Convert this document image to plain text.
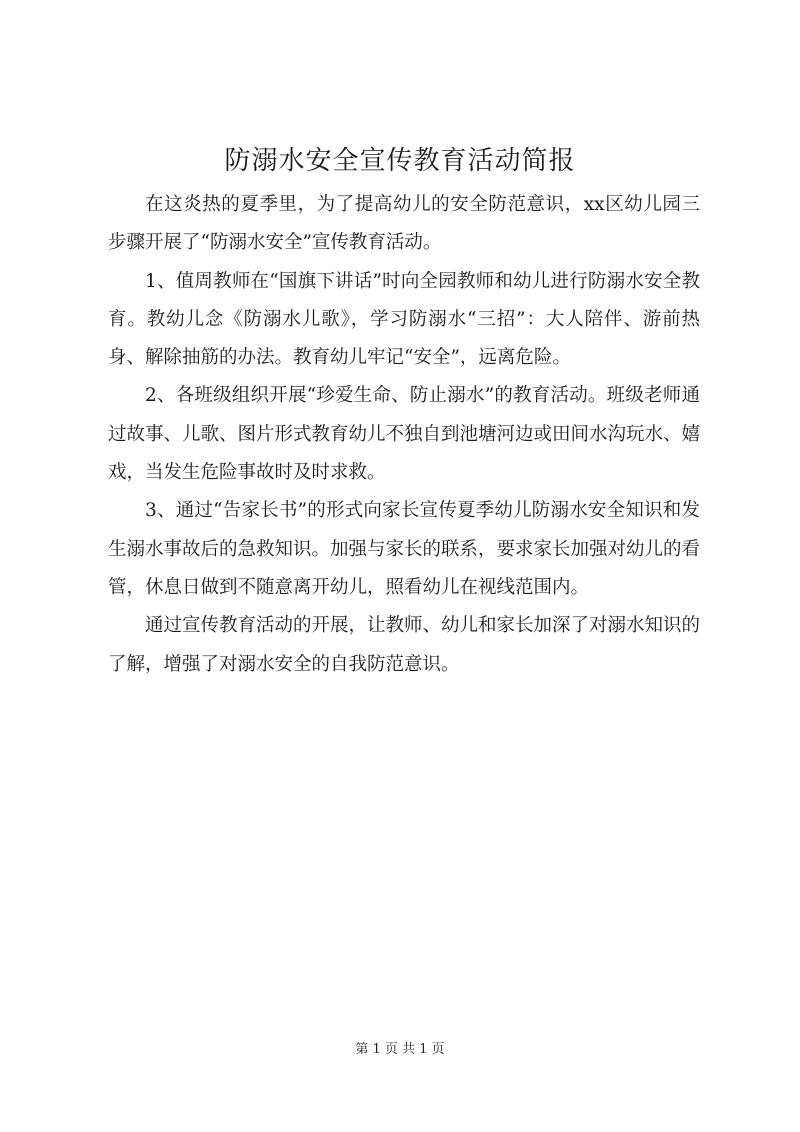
防溺水安全宣传教育活动简报

在这炎热的夏季里，为了提高幼儿的安全防范意识，xx区幼儿园三步骤开展了“防溺水安全”宣传教育活动。

1、值周教师在“国旗下讲话”时向全园教师和幼儿进行防溺水安全教育。教幼儿念《防溺水儿歌》，学习防溺水“三招”：大人陪伴、游前热身、解除抽筋的办法。教育幼儿牢记“安全”，远离危险。

2、各班级组织开展“珍爱生命、防止溺水”的教育活动。班级老师通过故事、儿歌、图片形式教育幼儿不独自到池塘河边或田间水沟玩水、嬉戏，当发生危险事故时及时求救。

3、通过“告家长书”的形式向家长宣传夏季幼儿防溺水安全知识和发生溺水事故后的急救知识。加强与家长的联系，要求家长加强对幼儿的看管，休息日做到不随意离开幼儿，照看幼儿在视线范围内。

通过宣传教育活动的开展，让教师、幼儿和家长加深了对溺水知识的了解，增强了对溺水安全的自我防范意识。

第 1 页 共 1 页
